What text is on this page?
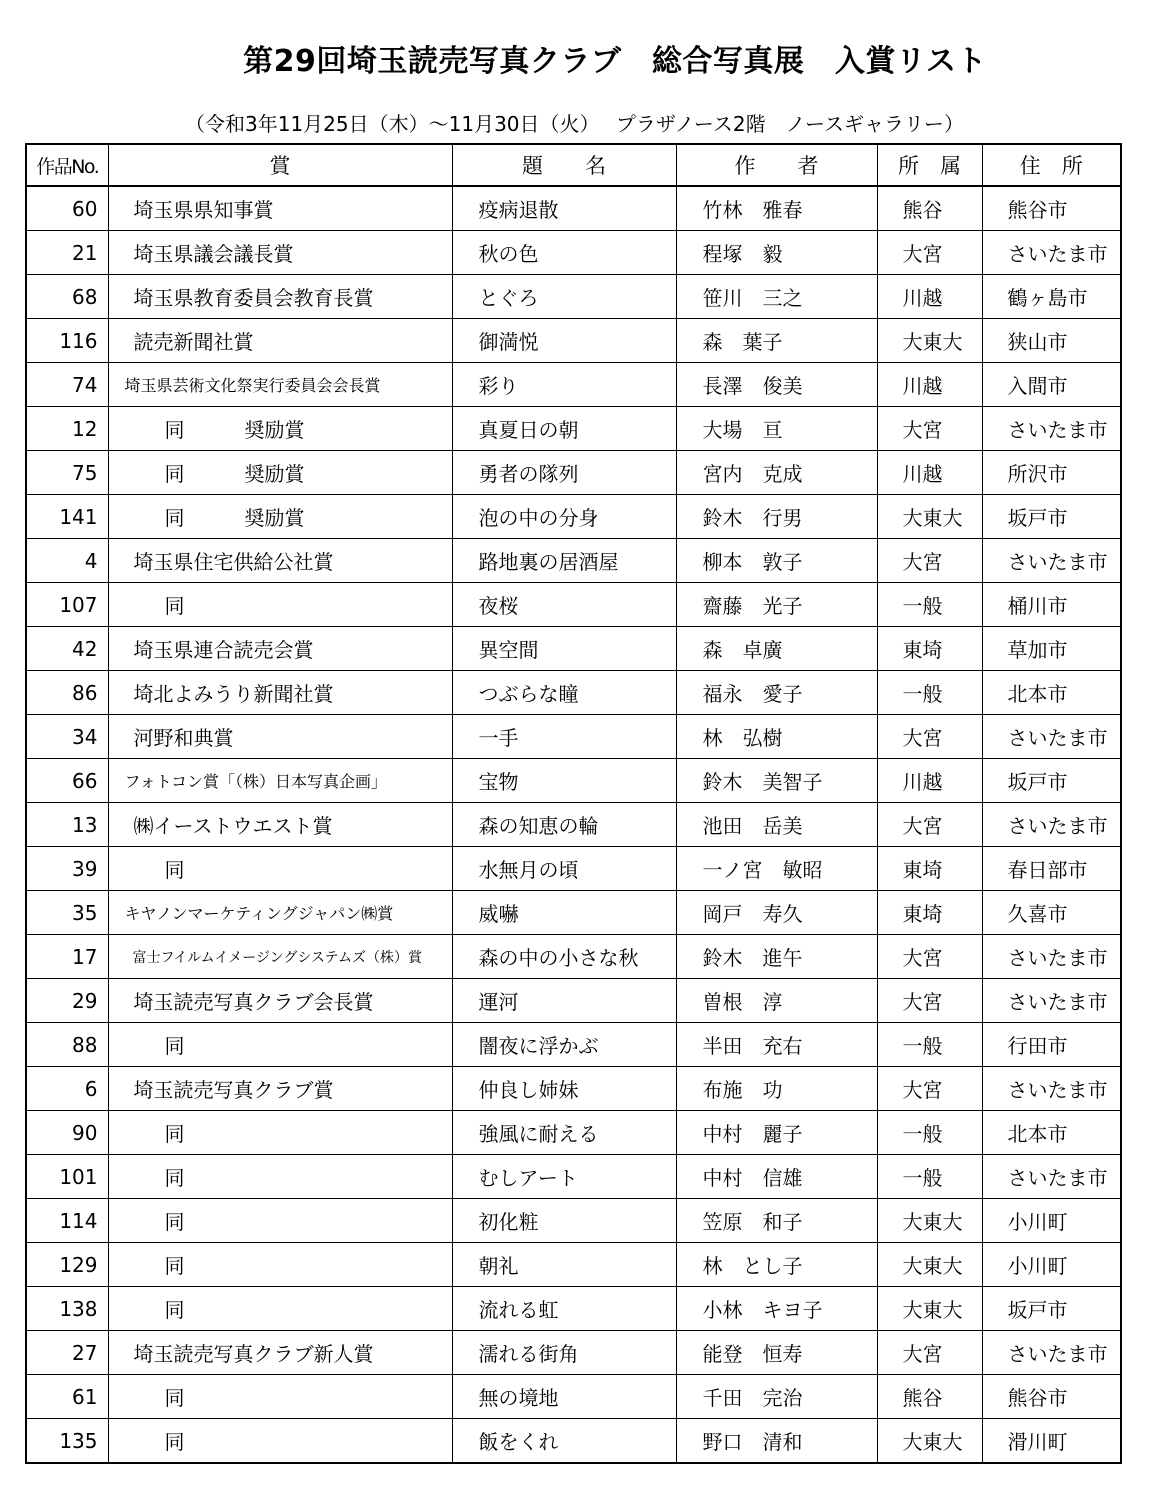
第29回埼玉読売写真クラブ　総合写真展　入賞リスト
（令和3年11月25日（木）～11月30日（火）　 プラザノース2階　ノースギャラリー）
作品No.	賞	題　　名	作　　者	所　属	住　所
60	埼玉県県知事賞	疫病退散	竹林　雅春	熊谷	熊谷市
21	埼玉県議会議長賞	秋の色	程塚　毅	大宮	さいたま市
68	埼玉県教育委員会教育長賞	とぐろ	笹川　三之	川越	鶴ヶ島市
116	読売新聞社賞	御満悦	森　葉子	大東大	狭山市
74	埼玉県芸術文化祭実行委員会会長賞	彩り	長澤　俊美	川越	入間市
12	同　　　奨励賞	真夏日の朝	大場　亘	大宮	さいたま市
75	同　　　奨励賞	勇者の隊列	宮内　克成	川越	所沢市
141	同　　　奨励賞	泡の中の分身	鈴木　行男	大東大	坂戸市
4	埼玉県住宅供給公社賞	路地裏の居酒屋	柳本　敦子	大宮	さいたま市
107	同	夜桜	齋藤　光子	一般	桶川市
42	埼玉県連合読売会賞	異空間	森　卓廣	東埼	草加市
86	埼北よみうり新聞社賞	つぶらな瞳	福永　愛子	一般	北本市
34	河野和典賞	一手	林　弘樹	大宮	さいたま市
66	フォトコン賞「（株）日本写真企画」	宝物	鈴木　美智子	川越	坂戸市
13	㈱イーストウエスト賞	森の知恵の輪	池田　岳美	大宮	さいたま市
39	同	水無月の頃	一ノ宮　敏昭	東埼	春日部市
35	キヤノンマーケティングジャパン㈱賞	威嚇	岡戸　寿久	東埼	久喜市
17	富士フイルムイメージングシステムズ（株）賞	森の中の小さな秋	鈴木　進午	大宮	さいたま市
29	埼玉読売写真クラブ会長賞	運河	曽根　淳	大宮	さいたま市
88	同	闇夜に浮かぶ	半田　充右	一般	行田市
6	埼玉読売写真クラブ賞	仲良し姉妹	布施　功	大宮	さいたま市
90	同	強風に耐える	中村　麗子	一般	北本市
101	同	むしアート	中村　信雄	一般	さいたま市
114	同	初化粧	笠原　和子	大東大	小川町
129	同	朝礼	林　とし子	大東大	小川町
138	同	流れる虹	小林　キヨ子	大東大	坂戸市
27	埼玉読売写真クラブ新人賞	濡れる街角	能登　恒寿	大宮	さいたま市
61	同	無の境地	千田　完治	熊谷	熊谷市
135	同	飯をくれ	野口　清和	大東大	滑川町
